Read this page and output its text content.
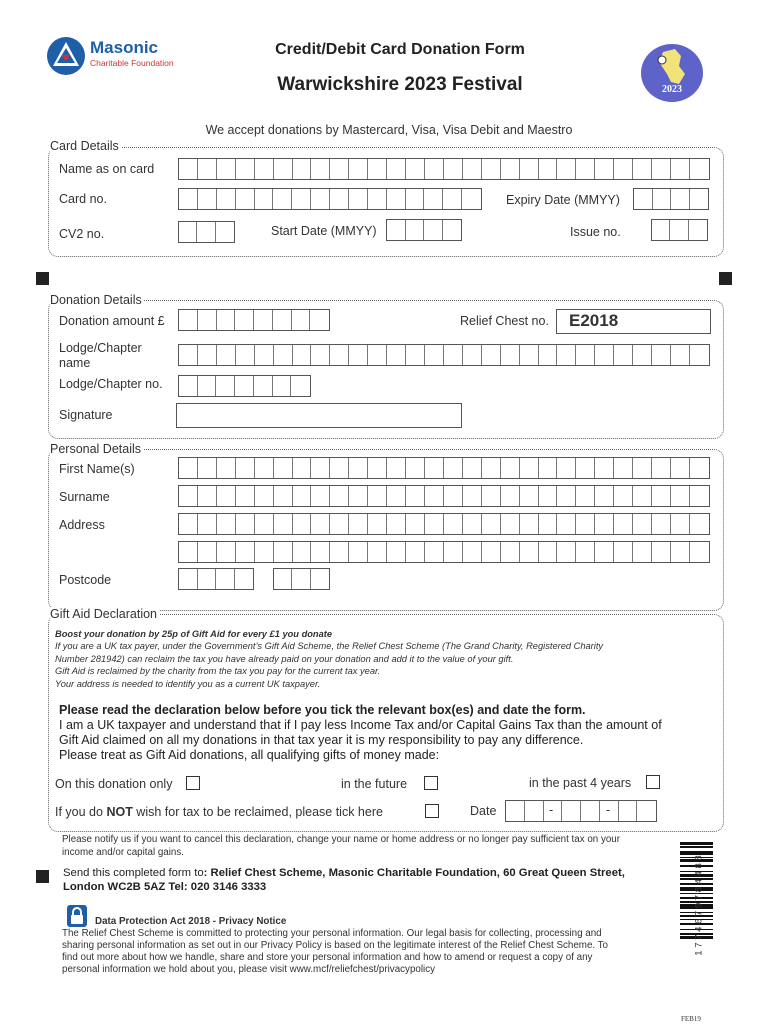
Masonic
Charitable Foundation
Credit/Debit Card Donation Form
Warwickshire 2023 Festival	2023
We accept donations by Mastercard, Visa, Visa Debit and Maestro
Card Details
Name as on card
Card no.	Expiry Date (MMYY)
CV2 no.	Start Date (MMYY)	Issue no.
Donation Details
Donation amount £	Relief Chest no. E2018
Lodge/Chapter
name
Lodge/Chapter no.
Signature
Personal Details
First Name(s)
Surname
Address
Postcode
Gift Aid Declaration
Boost your donation by 25p of Gift Aid for every £1 you donate
If you are a UK tax payer, under the Government’s Gift Aid Scheme, the Relief Chest Scheme (The Grand Charity, Registered Charity
Number 281942) can reclaim the tax you have already paid on your donation and add it to the value of your gift.
Gift Aid is reclaimed by the charity from the tax you pay for the current tax year.
Your address is needed to identify you as a current UK taxpayer.
Please read the declaration below before you tick the relevant box(es) and date the form.
I am a UK taxpayer and understand that if I pay less Income Tax and/or Capital Gains Tax than the amount of
Gift Aid claimed on all my donations in that tax year it is my responsibility to pay any difference.
Please treat as Gift Aid donations, all qualifying gifts of money made:
On this donation only	in the future	in the past 4 years
If you do NOT wish for tax to be reclaimed, please tick here	Date	-	-
Please notify us if you want to cancel this declaration, change your name or home address or no longer pay sufficient tax on your
income and/or capital gains.
Send this completed form to: Relief Chest Scheme, Masonic Charitable Foundation, 60 Great Queen Street,
London WC2B 5AZ Tel: 020 3146 3333
Data Protection Act 2018 - Privacy Notice
The Relief Chest Scheme is committed to protecting your personal information. Our legal basis for collecting, processing and
sharing personal information as set out in our Privacy Policy is based on the legitimate interest of the Relief Chest Scheme. To
find out more about how we handle, share and store your personal information and how to amend or request a copy of any
personal information we hold about you, please visit www.mcf/reliefchest/privacypolicy
1 7 7 4 6 7 9 7 8 4 4 8 8
FEB19
